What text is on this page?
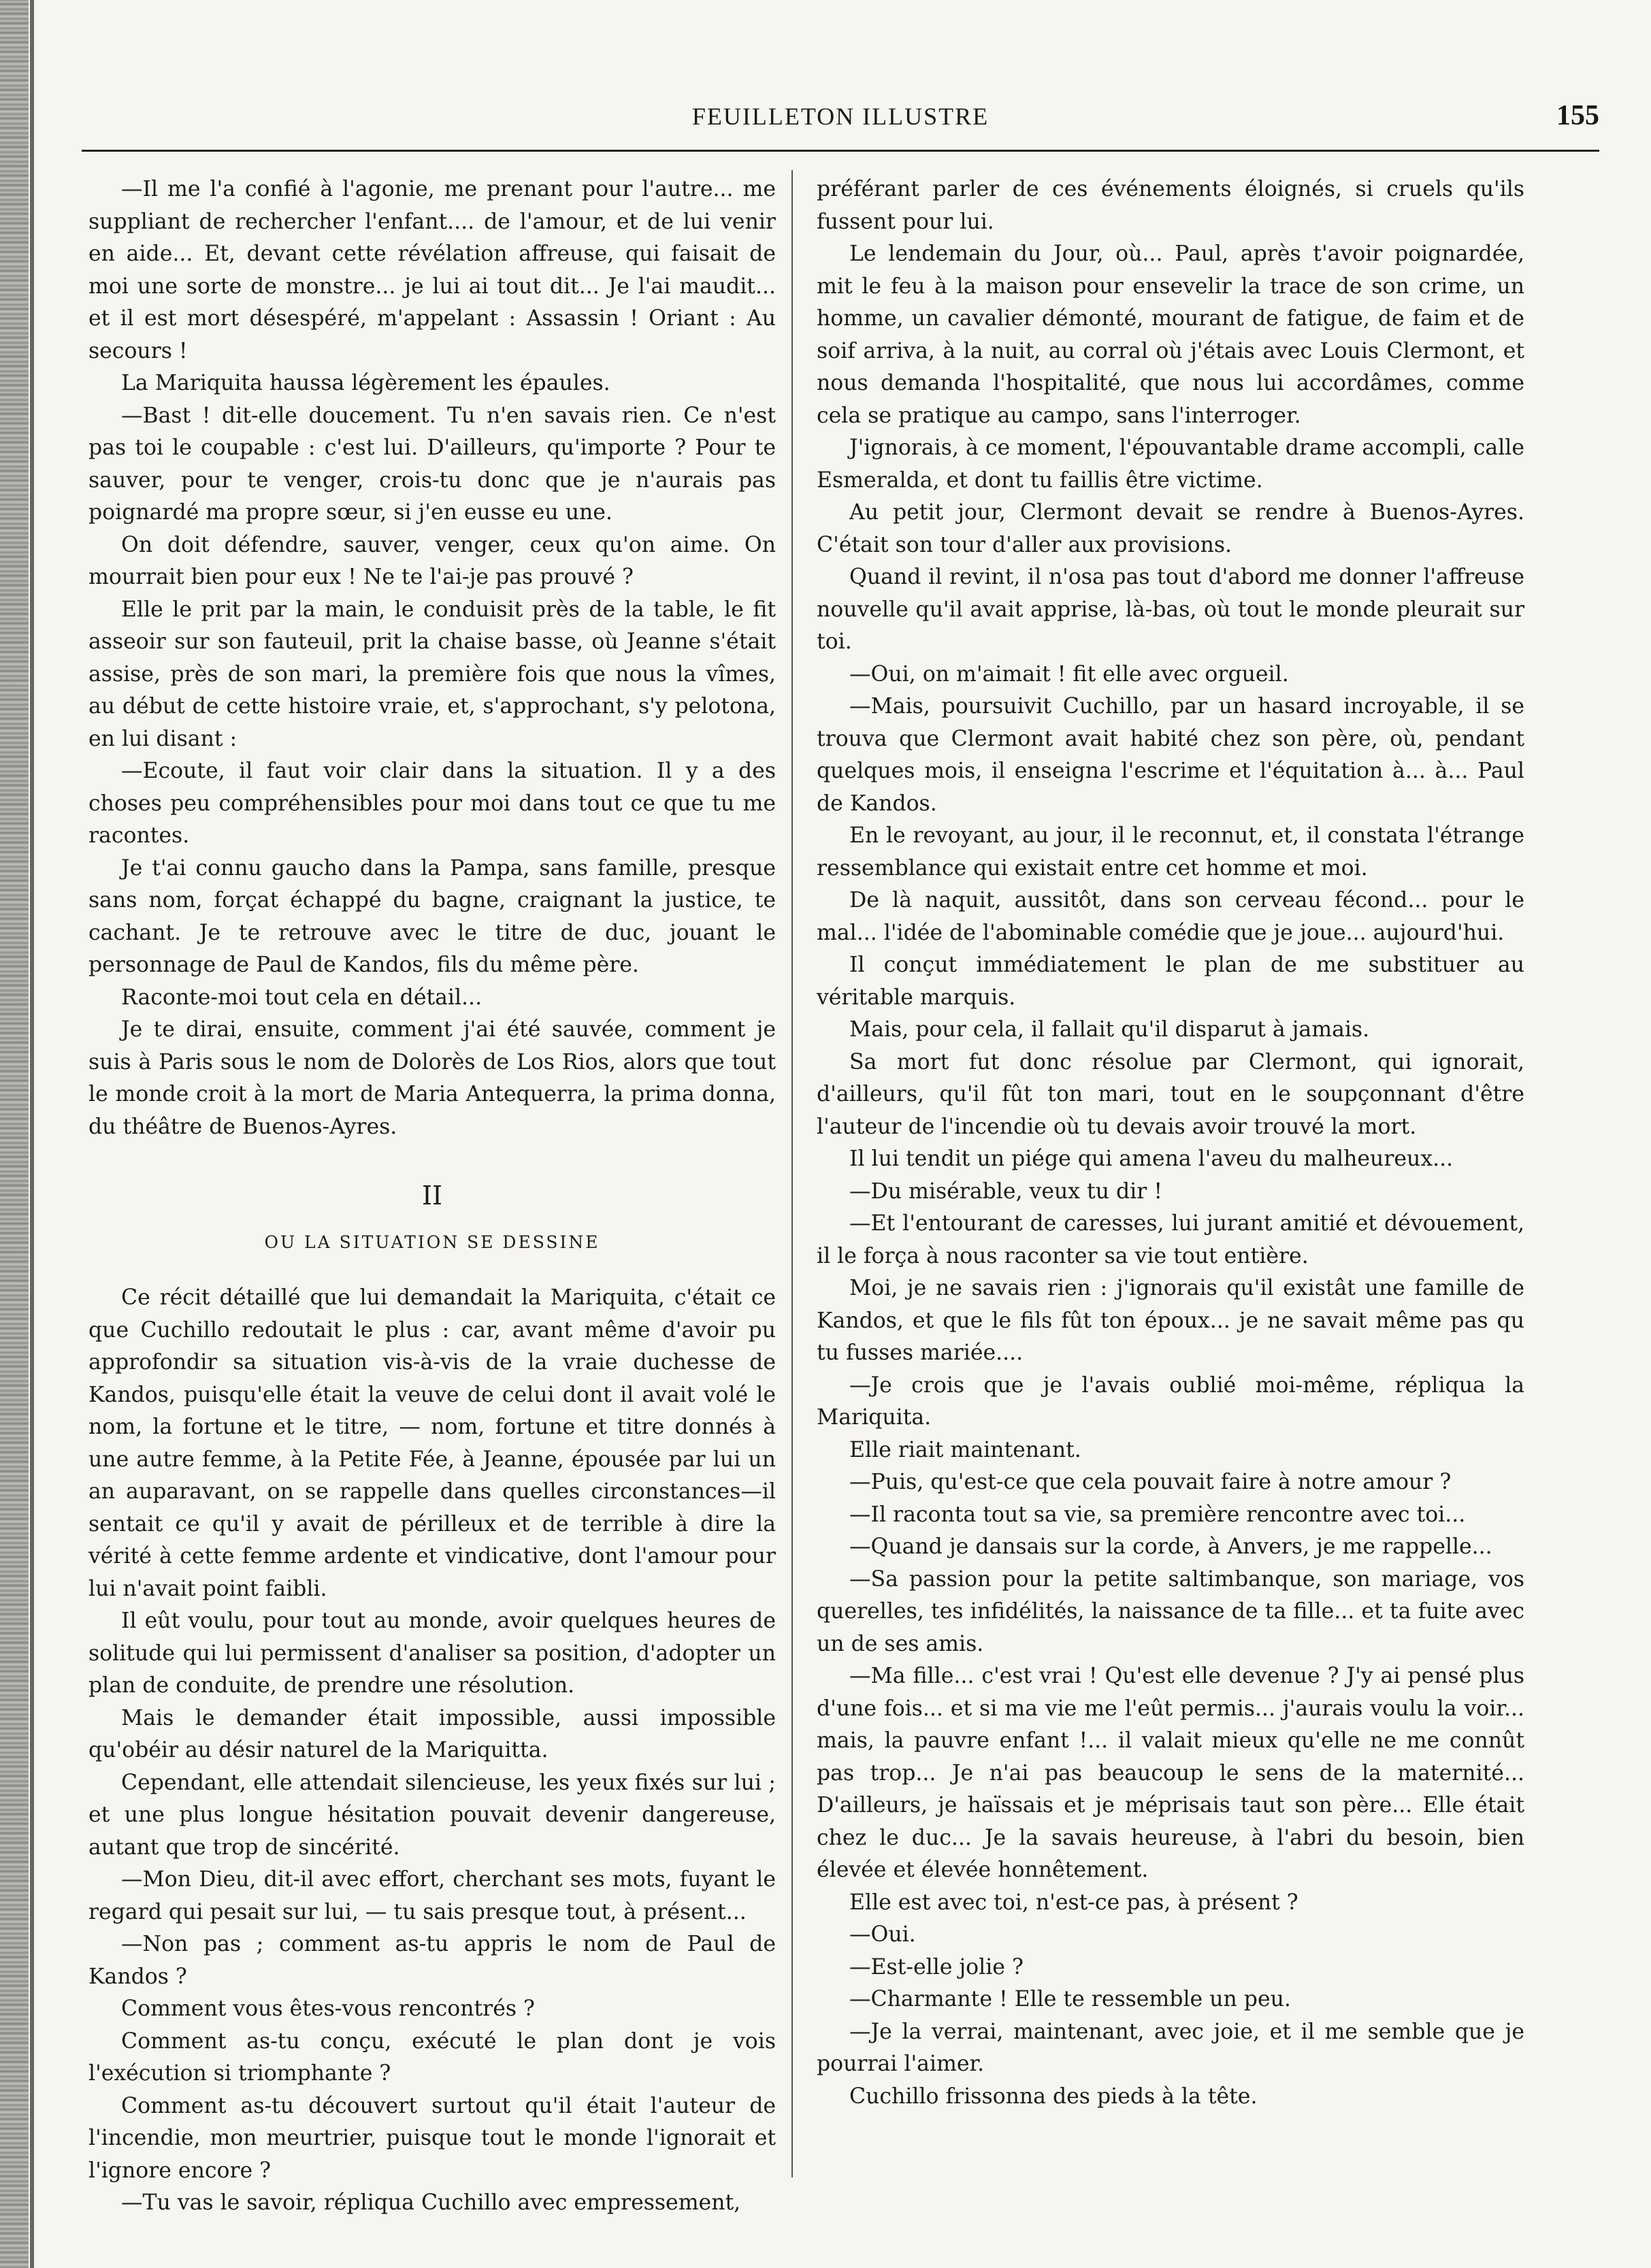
FEUILLETON ILLUSTRE	155

—Il me l'a confié à l'agonie, me prenant pour l'autre... me suppliant de rechercher l'enfant.... de l'amour, et de lui venir en aide... Et, devant cette révélation affreuse, qui faisait de moi une sorte de monstre... je lui ai tout dit... Je l'ai maudit... et il est mort désespéré, m'appelant : Assassin ! Oriant : Au secours !

La Mariquita haussa légèrement les épaules.

—Bast ! dit-elle doucement. Tu n'en savais rien. Ce n'est pas toi le coupable : c'est lui. D'ailleurs, qu'importe ? Pour te sauver, pour te venger, crois-tu donc que je n'aurais pas poignardé ma propre sœur, si j'en eusse eu une.

On doit défendre, sauver, venger, ceux qu'on aime. On mourrait bien pour eux ! Ne te l'ai-je pas prouvé ?

Elle le prit par la main, le conduisit près de la table, le fit asseoir sur son fauteuil, prit la chaise basse, où Jeanne s'était assise, près de son mari, la première fois que nous la vîmes, au début de cette histoire vraie, et, s'approchant, s'y pelotona, en lui disant :

—Ecoute, il faut voir clair dans la situation. Il y a des choses peu compréhensibles pour moi dans tout ce que tu me racontes.

Je t'ai connu gaucho dans la Pampa, sans famille, presque sans nom, forçat échappé du bagne, craignant la justice, te cachant. Je te retrouve avec le titre de duc, jouant le personnage de Paul de Kandos, fils du même père.

Raconte-moi tout cela en détail...

Je te dirai, ensuite, comment j'ai été sauvée, comment je suis à Paris sous le nom de Dolorès de Los Rios, alors que tout le monde croit à la mort de Maria Antequerra, la prima donna, du théâtre de Buenos-Ayres.

II
OU LA SITUATION SE DESSINE

Ce récit détaillé que lui demandait la Mariquita, c'était ce que Cuchillo redoutait le plus : car, avant même d'avoir pu approfondir sa situation vis-à-vis de la vraie duchesse de Kandos, puisqu'elle était la veuve de celui dont il avait volé le nom, la fortune et le titre, — nom, fortune et titre donnés à une autre femme, à la Petite Fée, à Jeanne, épousée par lui un an auparavant, on se rappelle dans quelles circonstances—il sentait ce qu'il y avait de périlleux et de terrible à dire la vérité à cette femme ardente et vindicative, dont l'amour pour lui n'avait point faibli.

Il eût voulu, pour tout au monde, avoir quelques heures de solitude qui lui permissent d'analiser sa position, d'adopter un plan de conduite, de prendre une résolution.

Mais le demander était impossible, aussi impossible qu'obéir au désir naturel de la Mariquitta.

Cependant, elle attendait silencieuse, les yeux fixés sur lui ; et une plus longue hésitation pouvait devenir dangereuse, autant que trop de sincérité.

—Mon Dieu, dit-il avec effort, cherchant ses mots, fuyant le regard qui pesait sur lui, — tu sais presque tout, à présent...

—Non pas ; comment as-tu appris le nom de Paul de Kandos ?

Comment vous êtes-vous rencontrés ?

Comment as-tu conçu, exécuté le plan dont je vois l'exécution si triomphante ?

Comment as-tu découvert surtout qu'il était l'auteur de l'incendie, mon meurtrier, puisque tout le monde l'ignorait et l'ignore encore ?

—Tu vas le savoir, répliqua Cuchillo avec empressement,

préférant parler de ces événements éloignés, si cruels qu'ils fussent pour lui.

Le lendemain du Jour, où... Paul, après t'avoir poignardée, mit le feu à la maison pour ensevelir la trace de son crime, un homme, un cavalier démonté, mourant de fatigue, de faim et de soif arriva, à la nuit, au corral où j'étais avec Louis Clermont, et nous demanda l'hospitalité, que nous lui accordâmes, comme cela se pratique au campo, sans l'interroger.

J'ignorais, à ce moment, l'épouvantable drame accompli, calle Esmeralda, et dont tu faillis être victime.

Au petit jour, Clermont devait se rendre à Buenos-Ayres. C'était son tour d'aller aux provisions.

Quand il revint, il n'osa pas tout d'abord me donner l'affreuse nouvelle qu'il avait apprise, là-bas, où tout le monde pleurait sur toi.

—Oui, on m'aimait ! fit elle avec orgueil.

—Mais, poursuivit Cuchillo, par un hasard incroyable, il se trouva que Clermont avait habité chez son père, où, pendant quelques mois, il enseigna l'escrime et l'équitation à... à... Paul de Kandos.

En le revoyant, au jour, il le reconnut, et, il constata l'étrange ressemblance qui existait entre cet homme et moi.

De là naquit, aussitôt, dans son cerveau fécond... pour le mal... l'idée de l'abominable comédie que je joue... aujourd'hui.

Il conçut immédiatement le plan de me substituer au véritable marquis.

Mais, pour cela, il fallait qu'il disparut à jamais.

Sa mort fut donc résolue par Clermont, qui ignorait, d'ailleurs, qu'il fût ton mari, tout en le soupçonnant d'être l'auteur de l'incendie où tu devais avoir trouvé la mort.

Il lui tendit un piége qui amena l'aveu du malheureux...

—Du misérable, veux tu dir !

—Et l'entourant de caresses, lui jurant amitié et dévouement, il le força à nous raconter sa vie tout entière.

Moi, je ne savais rien : j'ignorais qu'il existât une famille de Kandos, et que le fils fût ton époux... je ne savait même pas qu tu fusses mariée....

—Je crois que je l'avais oublié moi-même, répliqua la Mariquita.

Elle riait maintenant.

—Puis, qu'est-ce que cela pouvait faire à notre amour ?

—Il raconta tout sa vie, sa première rencontre avec toi...

—Quand je dansais sur la corde, à Anvers, je me rappelle...

—Sa passion pour la petite saltimbanque, son mariage, vos querelles, tes infidélités, la naissance de ta fille... et ta fuite avec un de ses amis.

—Ma fille... c'est vrai ! Qu'est elle devenue ? J'y ai pensé plus d'une fois... et si ma vie me l'eût permis... j'aurais voulu la voir... mais, la pauvre enfant !... il valait mieux qu'elle ne me connût pas trop... Je n'ai pas beaucoup le sens de la maternité... D'ailleurs, je haïssais et je méprisais taut son père... Elle était chez le duc... Je la savais heureuse, à l'abri du besoin, bien élevée et élevée honnêtement.

Elle est avec toi, n'est-ce pas, à présent ?

—Oui.

—Est-elle jolie ?

—Charmante ! Elle te ressemble un peu.

—Je la verrai, maintenant, avec joie, et il me semble que je pourrai l'aimer.

Cuchillo frissonna des pieds à la tête.
